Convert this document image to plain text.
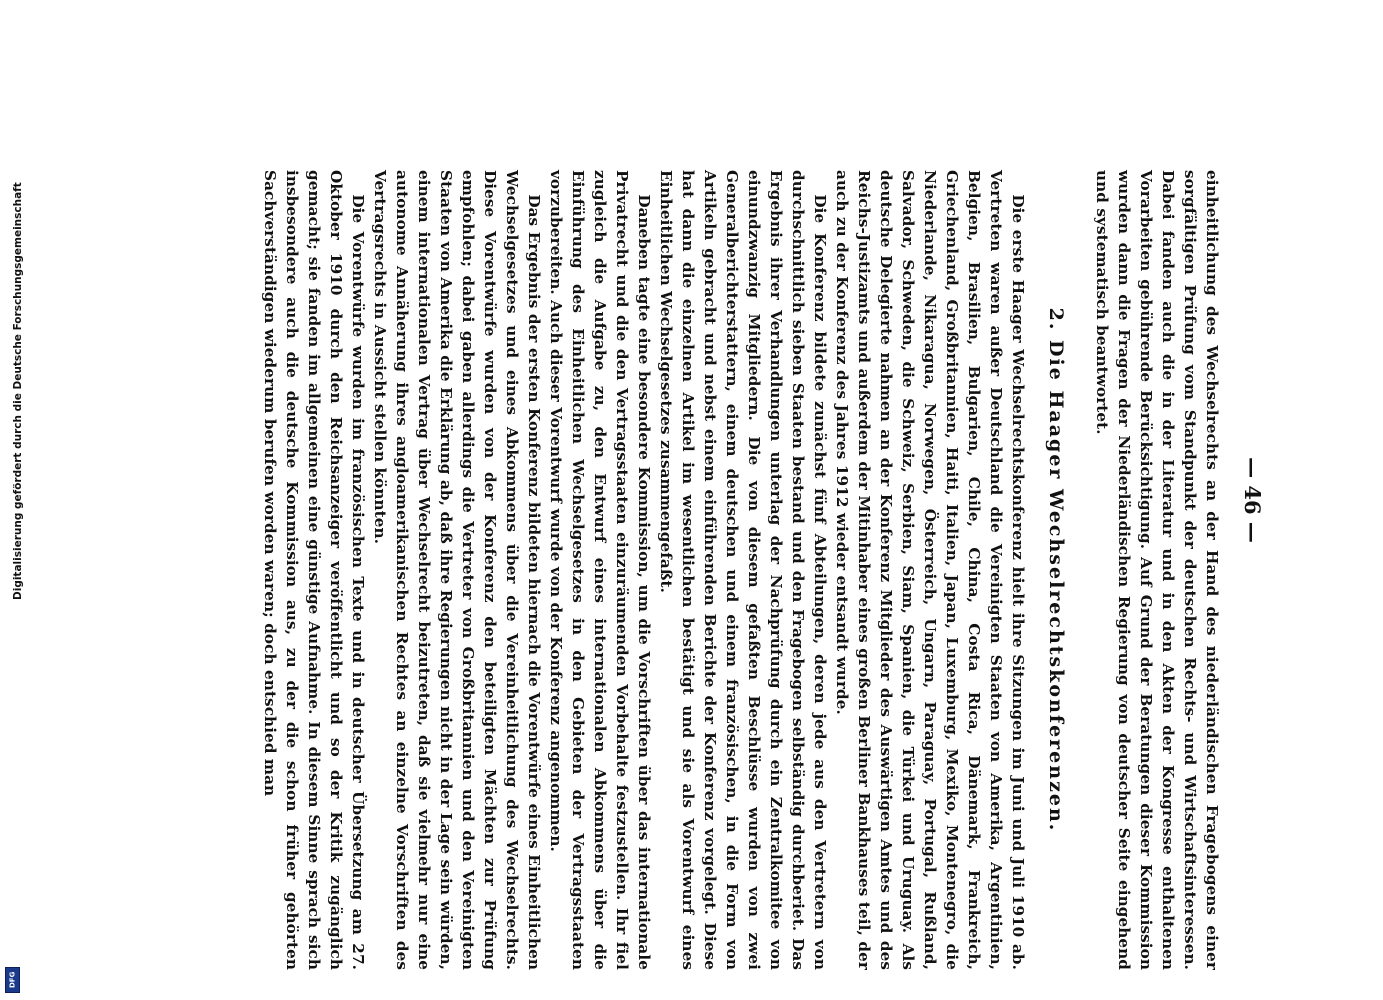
— 46 —

einheitlichung des Wechselrechts an der Hand des niederländischen Fragebogens einer sorgfältigen Prüfung vom Standpunkt der deutschen Rechts- und Wirtschaftsinteressen. Dabei fanden auch die in der Literatur und in den Akten der Kongresse enthaltenen Vorarbeiten gebührende Berücksichtigung. Auf Grund der Beratungen dieser Kommission wurden dann die Fragen der Niederländischen Regierung von deutscher Seite eingehend und systematisch beantwortet.

2. Die Haager Wechselrechtskonferenzen.

Die erste Haager Wechselrechtskonferenz hielt ihre Sitzungen im Juni und Juli 1910 ab. Vertreten waren außer Deutschland die Vereinigten Staaten von Amerika, Argentinien, Belgien, Brasilien, Bulgarien, Chile, China, Costa Rica, Dänemark, Frankreich, Griechenland, Großbritannien, Haiti, Italien, Japan, Luxemburg, Mexiko, Montenegro, die Niederlande, Nikaragua, Norwegen, Österreich, Ungarn, Paraguay, Portugal, Rußland, Salvador, Schweden, die Schweiz, Serbien, Siam, Spanien, die Türkei und Uruguay. Als deutsche Delegierte nahmen an der Konferenz Mitglieder des Auswärtigen Amtes und des Reichs-Justizamts und außerdem der Mitinhaber eines großen Berliner Bankhauses teil, der auch zu der Konferenz des Jahres 1912 wieder entsandt wurde.

Die Konferenz bildete zunächst fünf Abteilungen, deren jede aus den Vertretern von durchschnittlich sieben Staaten bestand und den Fragebogen selbständig durchberiet. Das Ergebnis ihrer Verhandlungen unterlag der Nachprüfung durch ein Zentralkomitee von einundzwanzig Mitgliedern. Die von diesem gefaßten Beschlüsse wurden von zwei Generalberichterstattern, einem deutschen und einem französischen, in die Form von Artikeln gebracht und nebst einem einführenden Berichte der Konferenz vorgelegt. Diese hat dann die einzelnen Artikel im wesentlichen bestätigt und sie als Vorentwurf eines Einheitlichen Wechselgesetzes zusammengefaßt.

Daneben tagte eine besondere Kommission, um die Vorschriften über das internationale Privatrecht und die den Vertragsstaaten einzuräumenden Vorbehalte festzustellen. Ihr fiel zugleich die Aufgabe zu, den Entwurf eines internationalen Abkommens über die Einführung des Einheitlichen Wechselgesetzes in den Gebieten der Vertragsstaaten vorzubereiten. Auch dieser Vorentwurf wurde von der Konferenz angenommen.

Das Ergebnis der ersten Konferenz bildeten hiernach die Vorentwürfe eines Einheitlichen Wechselgesetzes und eines Abkommens über die Vereinheitlichung des Wechselrechts. Diese Vorentwürfe wurden von der Konferenz den beteiligten Mächten zur Prüfung empfohlen; dabei gaben allerdings die Vertreter von Großbritannien und den Vereinigten Staaten von Amerika die Erklärung ab, daß ihre Regierungen nicht in der Lage sein würden, einem internationalen Vertrag über Wechselrecht beizutreten, daß sie vielmehr nur eine autonome Annäherung ihres angloamerikanischen Rechtes an einzelne Vorschriften des Vertragsrechts in Aussicht stellen könnten.

Die Vorentwürfe wurden im französischen Texte und in deutscher Übersetzung am 27. Oktober 1910 durch den Reichsanzeiger veröffentlicht und so der Kritik zugänglich gemacht; sie fanden im allgemeinen eine günstige Aufnahme. In diesem Sinne sprach sich insbesondere auch die deutsche Kommission aus, zu der die schon früher gehörten Sachverständigen wiederum berufen worden waren; doch entschied man

Digitalisierung gefördert durch die Deutsche Forschungsgemeinschaft
DFG
